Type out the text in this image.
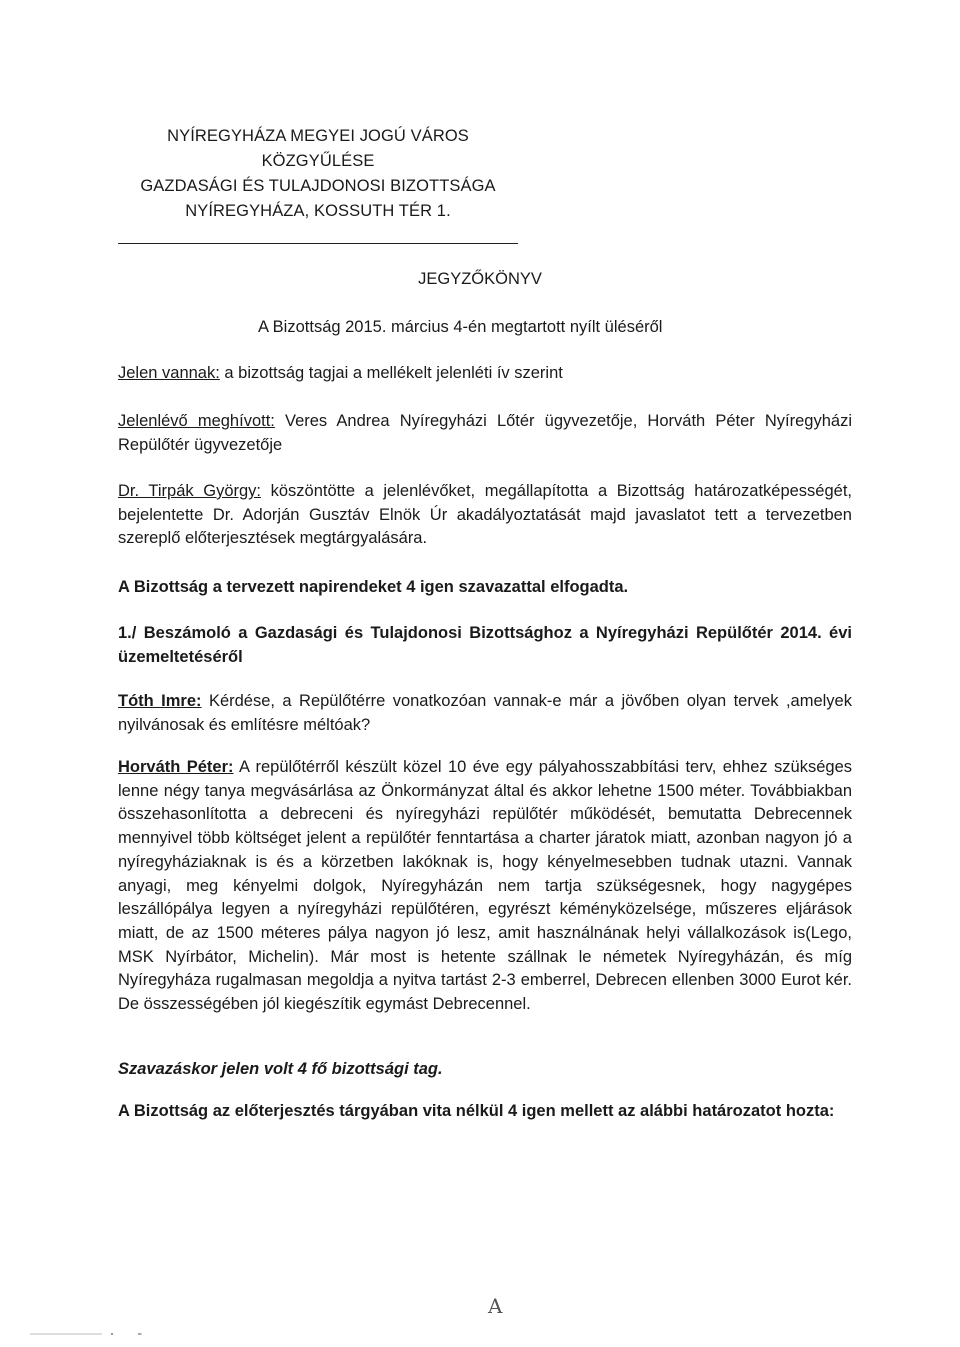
NYÍREGYHÁZA MEGYEI JOGÚ VÁROS
KÖZGYŰLÉSE
GAZDASÁGI ÉS TULAJDONOSI BIZOTTSÁGA
NYÍREGYHÁZA, KOSSUTH TÉR 1.
JEGYZŐKÖNYV
A Bizottság 2015. március 4-én megtartott nyílt üléséről
Jelen vannak: a bizottság tagjai a mellékelt jelenléti ív szerint
Jelenlévő meghívott: Veres Andrea Nyíregyházi Lőtér ügyvezetője, Horváth Péter Nyíregyházi Repülőtér ügyvezetője
Dr. Tirpák György: köszöntötte a jelenlévőket, megállapította a Bizottság határozatképességét, bejelentette Dr. Adorján Gusztáv Elnök Úr akadályoztatását majd javaslatot tett a tervezetben szereplő előterjesztések megtárgyalására.
A Bizottság a tervezett napirendeket 4 igen szavazattal elfogadta.
1./ Beszámoló a Gazdasági és Tulajdonosi Bizottsághoz a Nyíregyházi Repülőtér 2014. évi üzemeltetéséről
Tóth Imre: Kérdése, a Repülőtérre vonatkozóan vannak-e már a jövőben olyan tervek ,amelyek nyilvánosak és említésre méltóak?
Horváth Péter: A repülőtérről készült közel 10 éve egy pályahosszabbítási terv, ehhez szükséges lenne négy tanya megvásárlása az Önkormányzat által és akkor lehetne 1500 méter. Továbbiakban összehasonlította a debreceni és nyíregyházi repülőtér működését, bemutatta Debrecennek mennyivel több költséget jelent a repülőtér fenntartása a charter járatok miatt, azonban nagyon jó a nyíregyháziaknak is és a körzetben lakóknak is, hogy kényelmesebben tudnak utazni. Vannak anyagi, meg kényelmi dolgok, Nyíregyházán nem tartja szükségesnek, hogy nagygépes leszállópálya legyen a nyíregyházi repülőtéren, egyrészt kéményközelsége, műszeres eljárások miatt, de az 1500 méteres pálya nagyon jó lesz, amit használnának helyi vállalkozások is(Lego, MSK Nyírbátor, Michelin). Már most is hetente szállnak le németek Nyíregyházán, és míg Nyíregyháza rugalmasan megoldja a nyitva tartást 2-3 emberrel, Debrecen ellenben 3000 Eurot kér. De összességében jól kiegészítik egymást Debrecennel.
Szavazáskor jelen volt 4 fő bizottsági tag.
A Bizottság az előterjesztés tárgyában vita nélkül 4 igen mellett az alábbi határozatot hozta:
A
